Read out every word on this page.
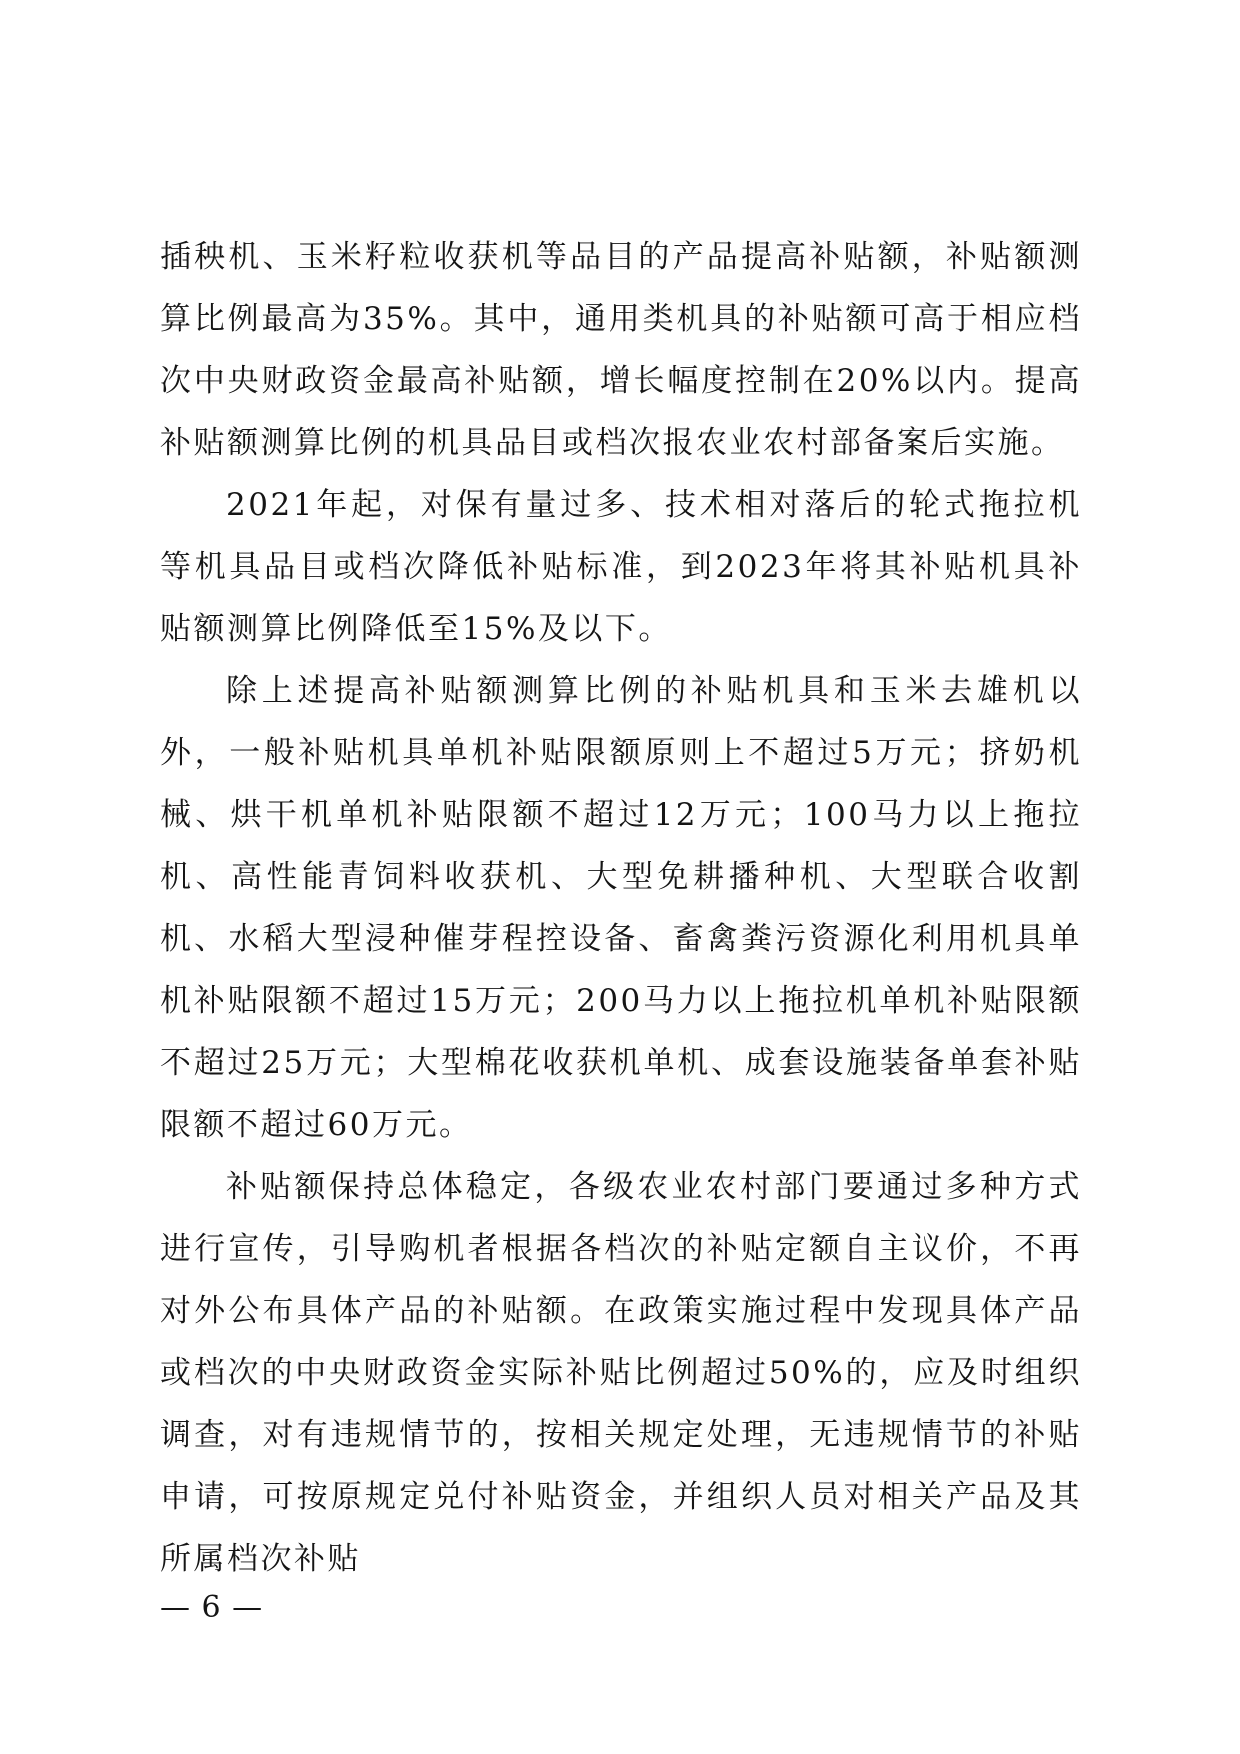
插秧机、玉米籽粒收获机等品目的产品提高补贴额，补贴额测算比例最高为35%。其中，通用类机具的补贴额可高于相应档次中央财政资金最高补贴额，增长幅度控制在20%以内。提高补贴额测算比例的机具品目或档次报农业农村部备案后实施。

2021年起，对保有量过多、技术相对落后的轮式拖拉机等机具品目或档次降低补贴标准，到2023年将其补贴机具补贴额测算比例降低至15%及以下。

除上述提高补贴额测算比例的补贴机具和玉米去雄机以外，一般补贴机具单机补贴限额原则上不超过5万元；挤奶机械、烘干机单机补贴限额不超过12万元；100马力以上拖拉机、高性能青饲料收获机、大型免耕播种机、大型联合收割机、水稻大型浸种催芽程控设备、畜禽粪污资源化利用机具单机补贴限额不超过15万元；200马力以上拖拉机单机补贴限额不超过25万元；大型棉花收获机单机、成套设施装备单套补贴限额不超过60万元。

补贴额保持总体稳定，各级农业农村部门要通过多种方式进行宣传，引导购机者根据各档次的补贴定额自主议价，不再对外公布具体产品的补贴额。在政策实施过程中发现具体产品或档次的中央财政资金实际补贴比例超过50%的，应及时组织调查，对有违规情节的，按相关规定处理，无违规情节的补贴申请，可按原规定兑付补贴资金，并组织人员对相关产品及其所属档次补贴

— 6 —
